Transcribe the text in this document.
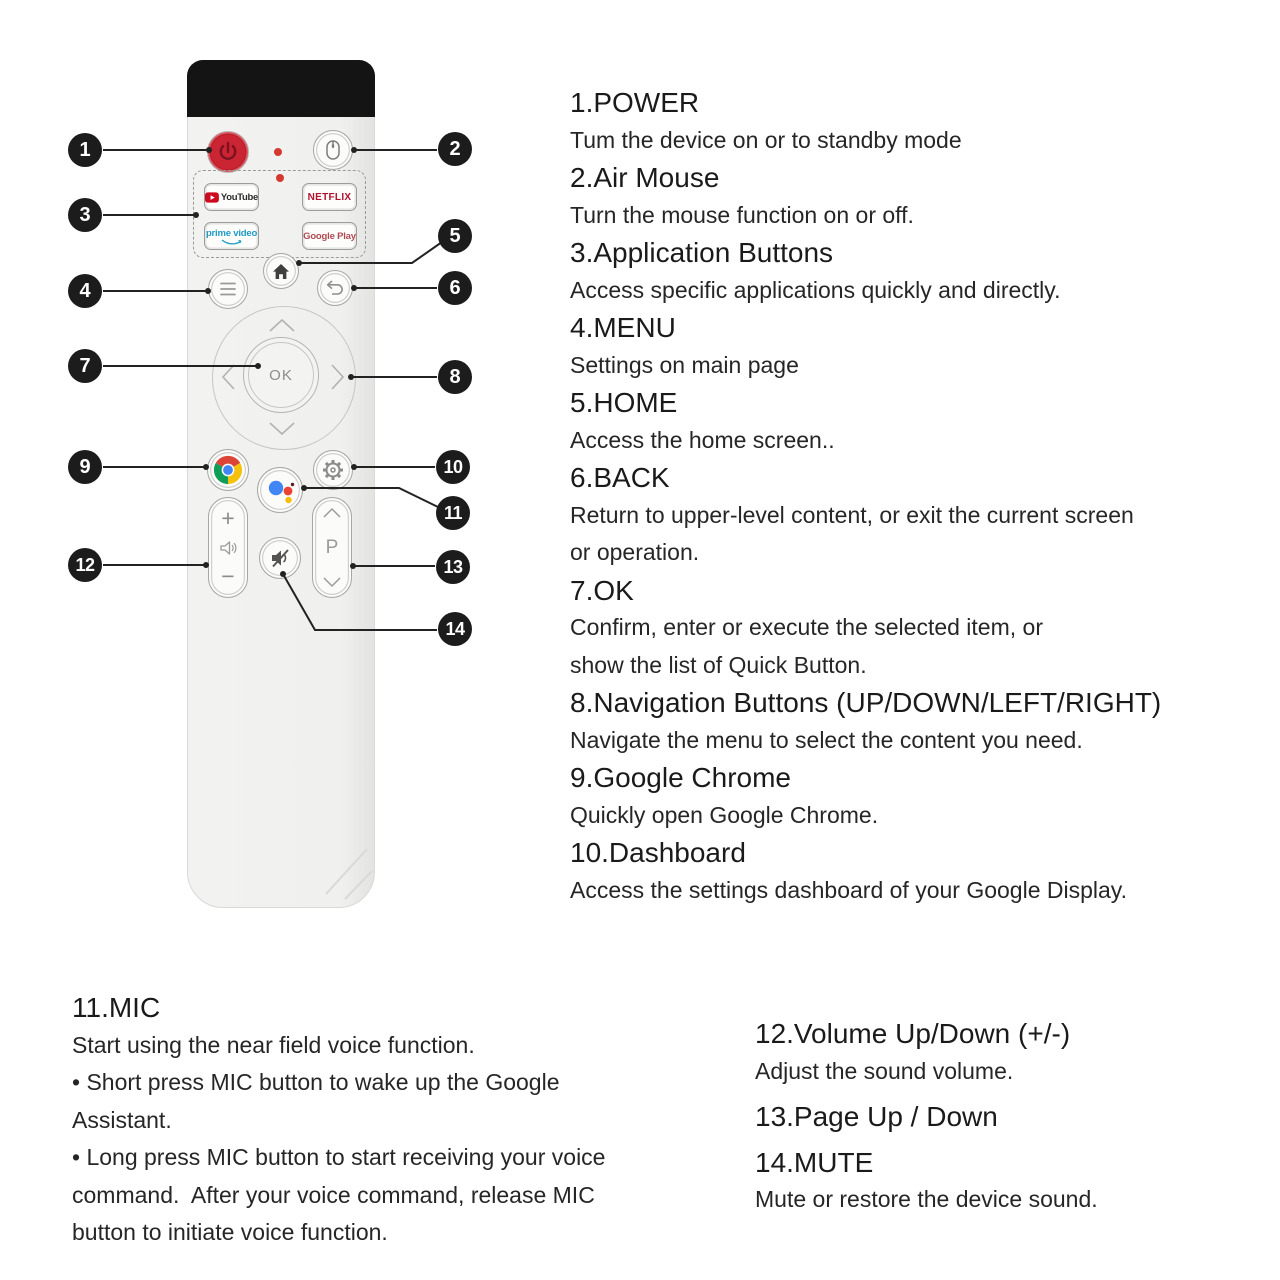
YouTube	NETFLIX
prime video	Google Play
OK
+
−
P
1	2
3
4
5
6
7	8
9	10
11
12	13
14
1.POWER
Tum the device on or to standby mode
2.Air Mouse
Turn the mouse function on or off.
3.Application Buttons
Access specific applications quickly and directly.
4.MENU
Settings on main page
5.HOME
Access the home screen..
6.BACK
Return to upper-level content, or exit the current screen
or operation.
7.OK
Confirm, enter or execute the selected item, or
show the list of Quick Button.
8.Navigation Buttons (UP/DOWN/LEFT/RIGHT)
Navigate the menu to select the content you need.
9.Google Chrome
Quickly open Google Chrome.
10.Dashboard
Access the settings dashboard of your Google Display.
11.MIC
Start using the near field voice function.
• Short press MIC button to wake up the Google
Assistant.
• Long press MIC button to start receiving your voice
command.  After your voice command, release MIC
button to initiate voice function.
12.Volume Up/Down (+/-)
Adjust the sound volume.
13.Page Up / Down
14.MUTE
Mute or restore the device sound.
